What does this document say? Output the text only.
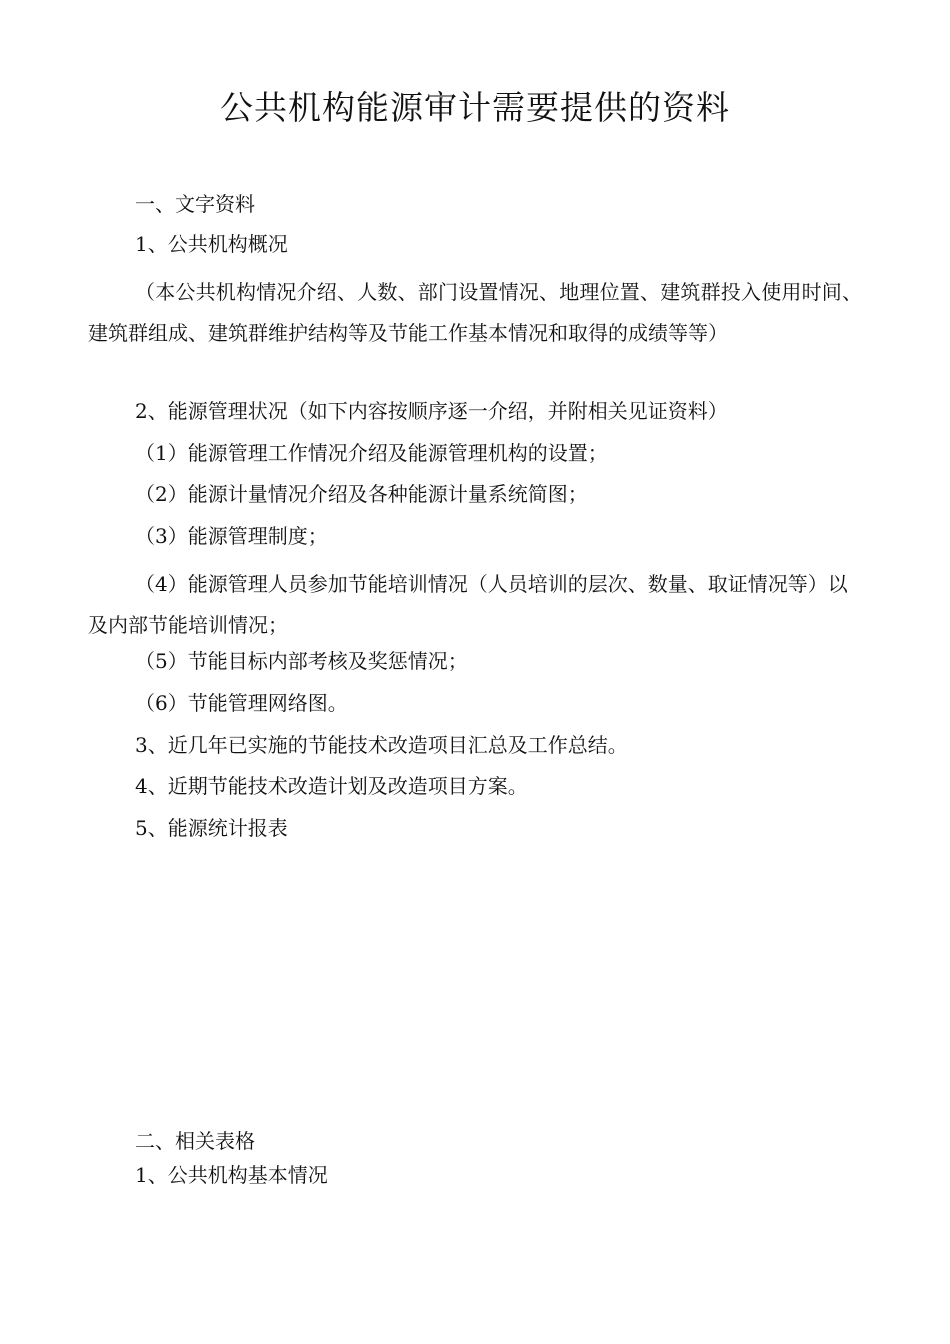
公共机构能源审计需要提供的资料

一、文字资料

1、公共机构概况

（本公共机构情况介绍、人数、部门设置情况、地理位置、建筑群投入使用时间、建筑群组成、建筑群维护结构等及节能工作基本情况和取得的成绩等等）

2、能源管理状况（如下内容按顺序逐一介绍，并附相关见证资料）

（1）能源管理工作情况介绍及能源管理机构的设置；

（2）能源计量情况介绍及各种能源计量系统简图；

（3）能源管理制度；

（4）能源管理人员参加节能培训情况（人员培训的层次、数量、取证情况等）以及内部节能培训情况；

（5）节能目标内部考核及奖惩情况；

（6）节能管理网络图。

3、近几年已实施的节能技术改造项目汇总及工作总结。

4、近期节能技术改造计划及改造项目方案。

5、能源统计报表

二、相关表格

1、公共机构基本情况
